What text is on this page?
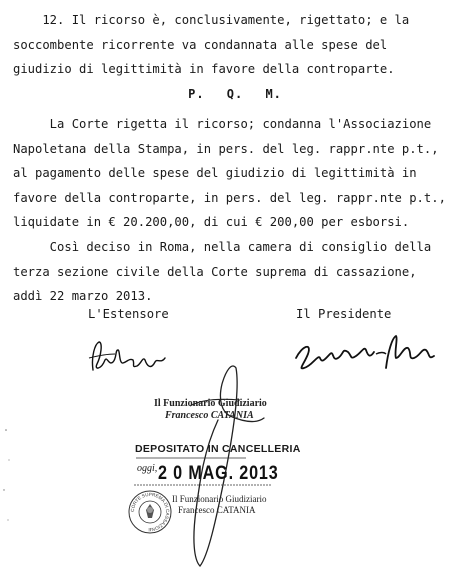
12. Il ricorso è, conclusivamente, rigettato; e la
soccombente ricorrente va condannata alle spese del
giudizio di legittimità in favore della controparte.
P. Q. M.
La Corte rigetta il ricorso; condanna l'Associazione
Napoletana della Stampa, in pers. del leg. rappr.nte p.t.,
al pagamento delle spese del giudizio di legittimità in
favore della controparte, in pers. del leg. rappr.nte p.t.,
liquidate in € 20.200,00, di cui € 200,00 per esborsi.
Così deciso in Roma, nella camera di consiglio della
terza sezione civile della Corte suprema di cassazione,
addì 22 marzo 2013.
L'Estensore	Il Presidente
Il Funzionario Giudiziario
Francesco CATANIA
DEPOSITATO IN CANCELLERIA
oggi, 2 0 MAG. 2013
CORTE SUPREMA DI CASSAZIONE
Il Funzionario Giudiziario
Francesco CATANIA
